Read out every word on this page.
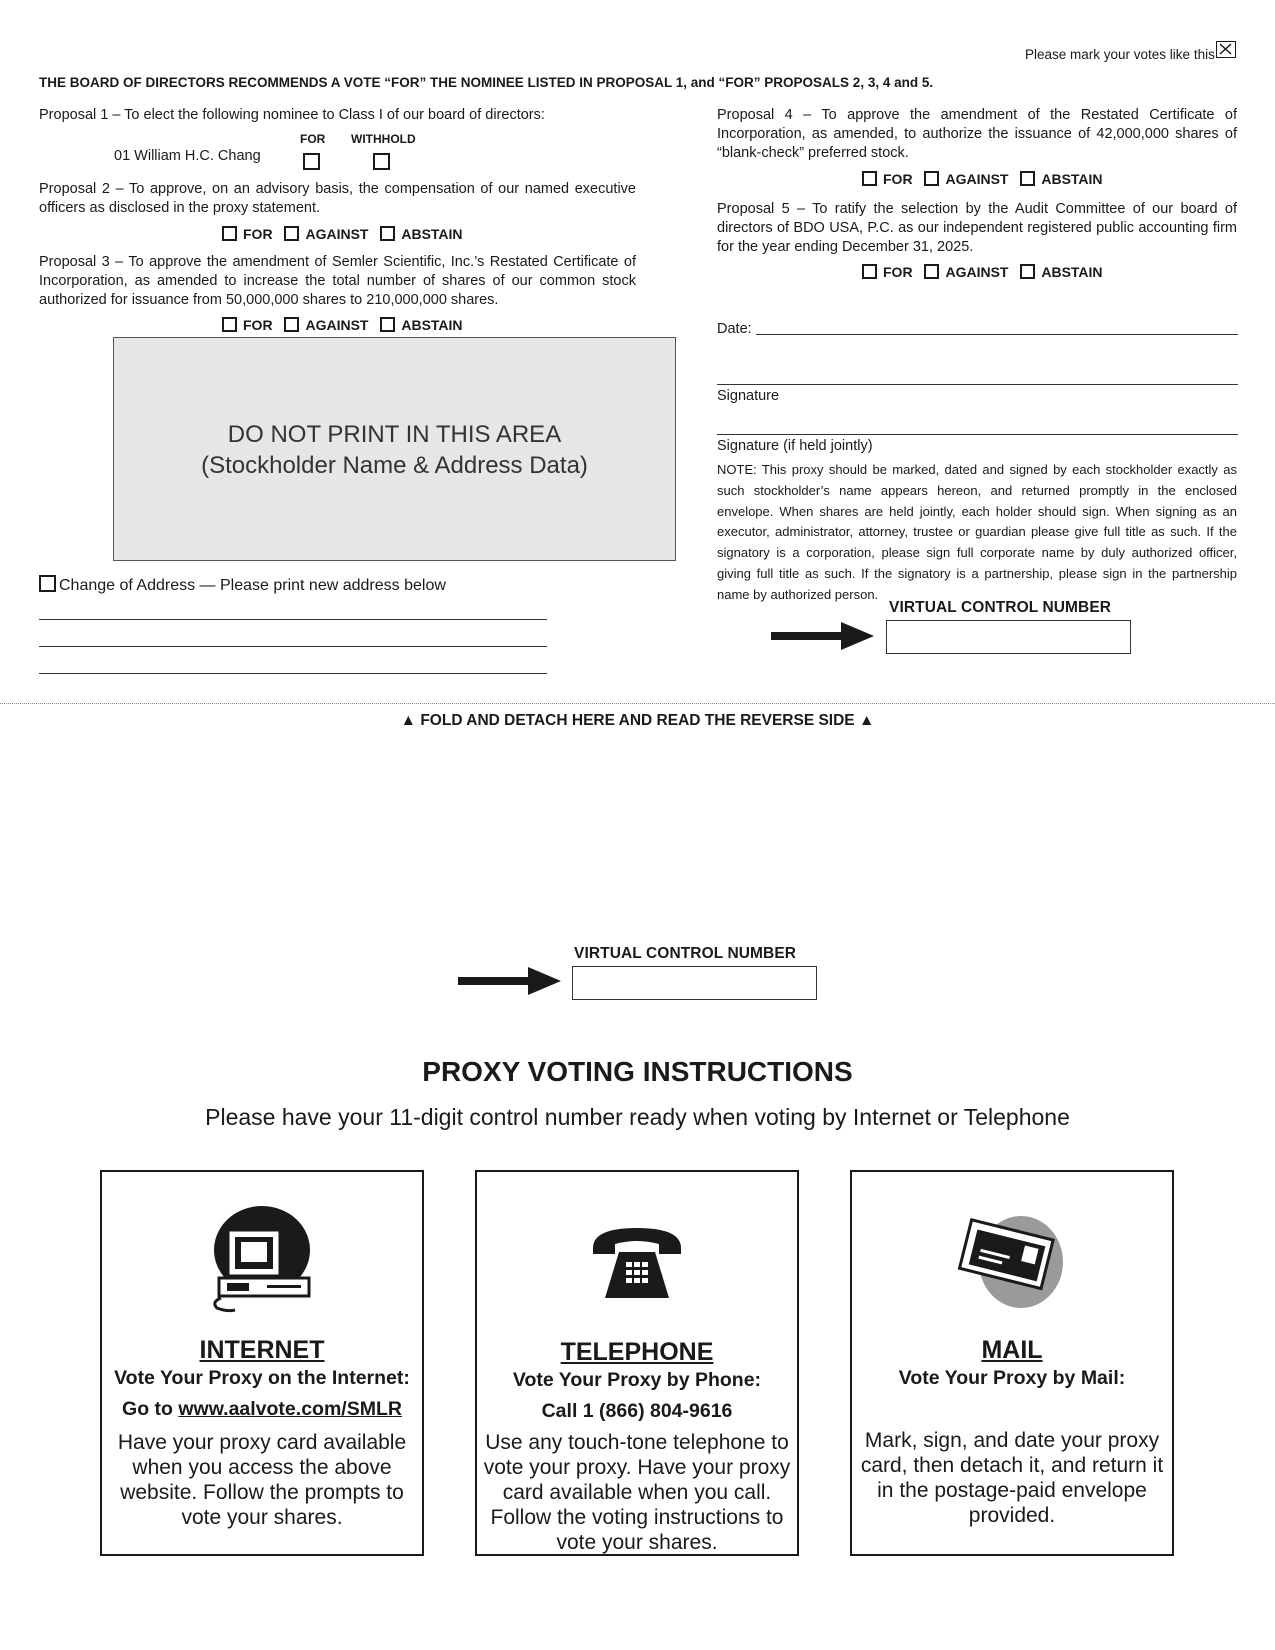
Please mark your votes like this
THE BOARD OF DIRECTORS RECOMMENDS A VOTE “FOR” THE NOMINEE LISTED IN PROPOSAL 1, and “FOR” PROPOSALS 2, 3, 4 and 5.
Proposal 1 – To elect the following nominee to Class I of our board of directors:
FOR WITHHOLD
01 William H.C. Chang
Proposal 2 – To approve, on an advisory basis, the compensation of our named executive officers as disclosed in the proxy statement.
FOR AGAINST ABSTAIN
Proposal 3 – To approve the amendment of Semler Scientific, Inc.’s Restated Certificate of Incorporation, as amended to increase the total number of shares of our common stock authorized for issuance from 50,000,000 shares to 210,000,000 shares.
FOR AGAINST ABSTAIN
DO NOT PRINT IN THIS AREA
(Stockholder Name & Address Data)
Change of Address — Please print new address below
Proposal 4 – To approve the amendment of the Restated Certificate of Incorporation, as amended, to authorize the issuance of 42,000,000 shares of “blank-check” preferred stock.
FOR AGAINST ABSTAIN
Proposal 5 – To ratify the selection by the Audit Committee of our board of directors of BDO USA, P.C. as our independent registered public accounting firm for the year ending December 31, 2025.
FOR AGAINST ABSTAIN
Date:
Signature
Signature (if held jointly)
NOTE: This proxy should be marked, dated and signed by each stockholder exactly as such stockholder’s name appears hereon, and returned promptly in the enclosed envelope. When shares are held jointly, each holder should sign. When signing as an executor, administrator, attorney, trustee or guardian please give full title as such. If the signatory is a corporation, please sign full corporate name by duly authorized officer, giving full title as such. If the signatory is a partnership, please sign in the partnership name by authorized person.
VIRTUAL CONTROL NUMBER
▲ FOLD AND DETACH HERE AND READ THE REVERSE SIDE ▲
VIRTUAL CONTROL NUMBER
PROXY VOTING INSTRUCTIONS
Please have your 11-digit control number ready when voting by Internet or Telephone
INTERNET
Vote Your Proxy on the Internet:
Go to www.aalvote.com/SMLR
Have your proxy card available when you access the above website. Follow the prompts to vote your shares.
TELEPHONE
Vote Your Proxy by Phone:
Call 1 (866) 804-9616
Use any touch-tone telephone to vote your proxy. Have your proxy card available when you call. Follow the voting instructions to vote your shares.
MAIL
Vote Your Proxy by Mail:
Mark, sign, and date your proxy card, then detach it, and return it in the postage-paid envelope provided.
